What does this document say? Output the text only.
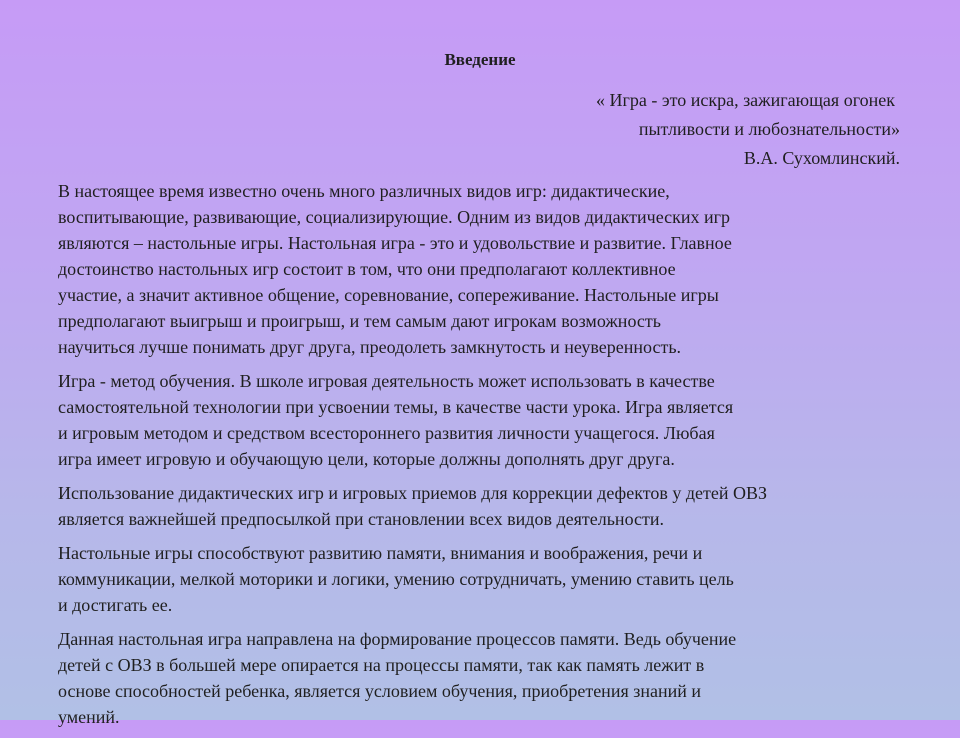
Введение
« Игра - это искра, зажигающая огонек
пытливости и любознательности»
В.А. Сухомлинский.

В настоящее время известно очень много различных видов игр: дидактические,
воспитывающие, развивающие, социализирующие. Одним из видов дидактических игр
являются – настольные игры. Настольная игра - это и удовольствие и развитие. Главное
достоинство настольных игр состоит в том, что они предполагают коллективное
участие, а значит активное общение, соревнование, сопереживание. Настольные игры
предполагают выигрыш и проигрыш, и тем самым дают игрокам возможность
научиться лучше понимать друг друга, преодолеть замкнутость и неуверенность.

Игра - метод обучения. В школе игровая деятельность может использовать в качестве
самостоятельной технологии при усвоении темы, в качестве части урока. Игра является
и игровым методом и средством всестороннего развития личности учащегося. Любая
игра имеет игровую и обучающую цели, которые должны дополнять друг друга.

Использование дидактических игр и игровых приемов для коррекции дефектов у детей ОВЗ
является важнейшей предпосылкой при становлении всех видов деятельности.

Настольные игры способствуют развитию памяти, внимания и воображения, речи и
коммуникации, мелкой моторики и логики, умению сотрудничать, умению ставить цель
и достигать ее.

Данная настольная игра направлена на формирование процессов памяти. Ведь обучение
детей с ОВЗ в большей мере опирается на процессы памяти, так как память лежит в
основе способностей ребенка, является условием обучения, приобретения знаний и
умений.
